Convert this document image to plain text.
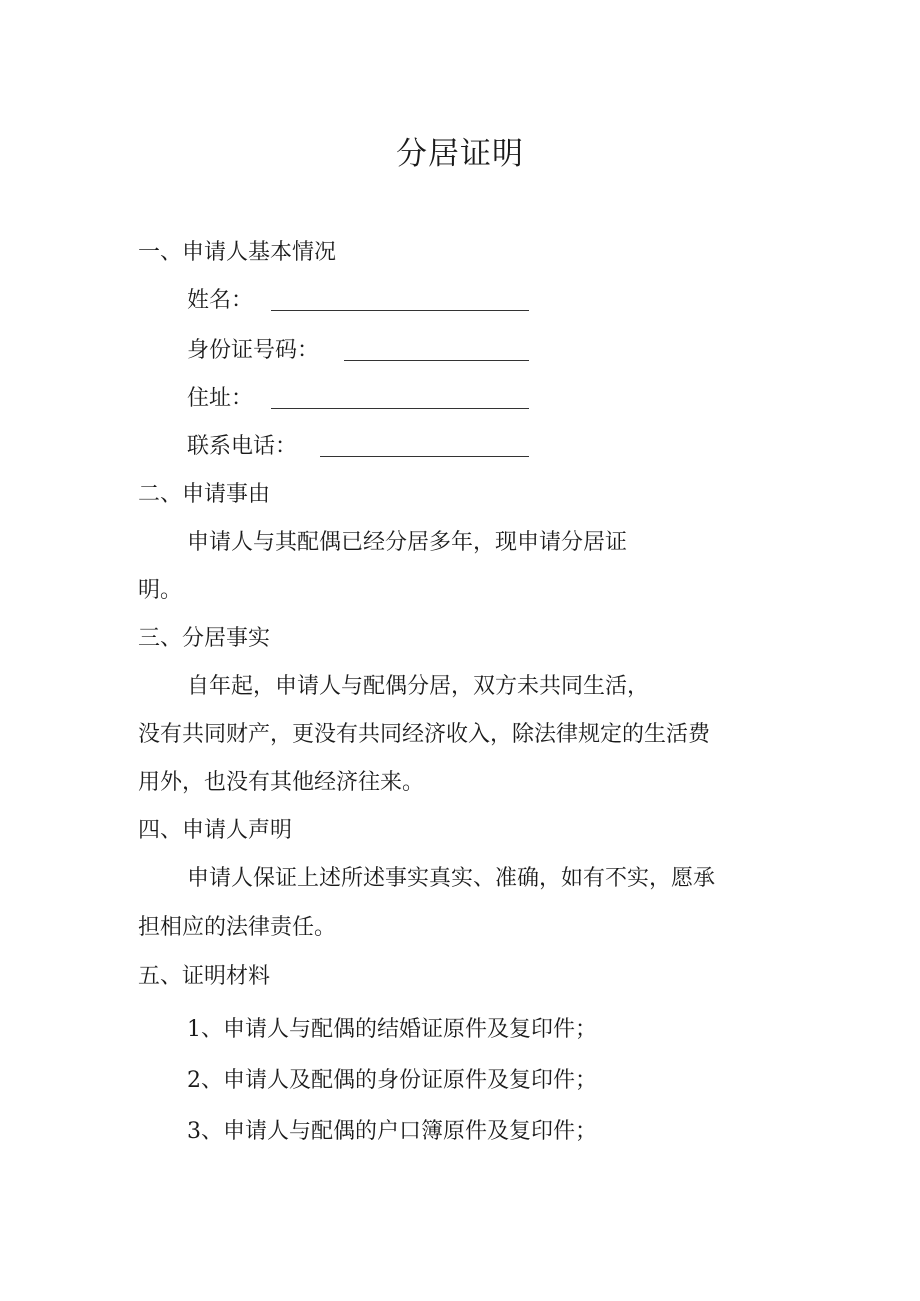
分居证明
一、申请人基本情况
姓名：
身份证号码：
住址：
联系电话：
二、申请事由
申请人与其配偶已经分居多年，现申请分居证
明。
三、分居事实
自年起，申请人与配偶分居，双方未共同生活，
没有共同财产，更没有共同经济收入，除法律规定的生活费
用外，也没有其他经济往来。
四、申请人声明
申请人保证上述所述事实真实、准确，如有不实，愿承
担相应的法律责任。
五、证明材料
1、申请人与配偶的结婚证原件及复印件；
2、申请人及配偶的身份证原件及复印件；
3、申请人与配偶的户口簿原件及复印件；
